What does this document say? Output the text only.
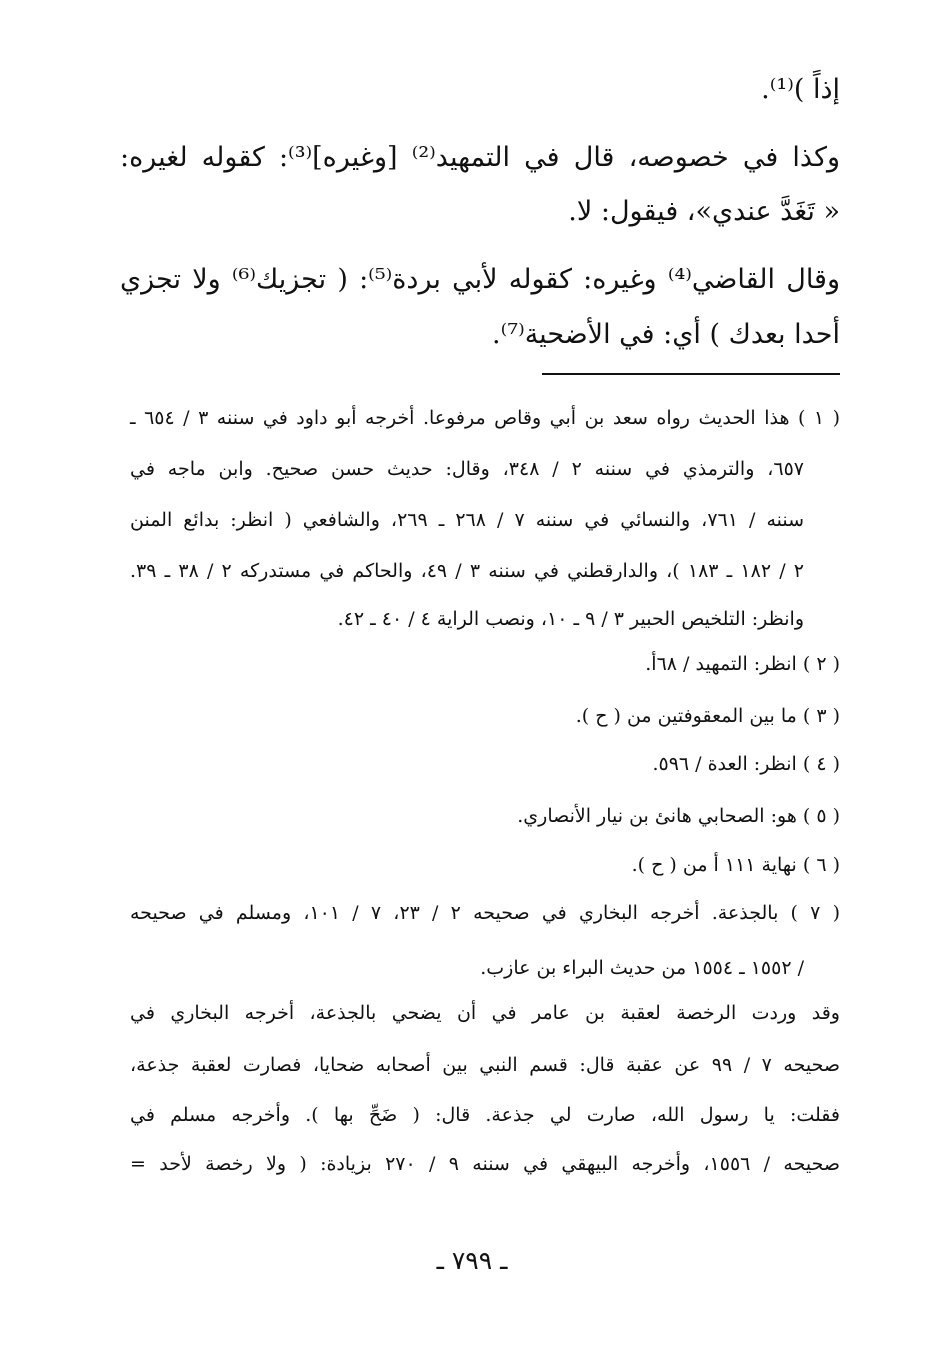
إذاً )⁽¹⁾.
وكذا في خصوصه، قال في التمهيد⁽²⁾ [وغيره]⁽³⁾: كقوله لغيره:
« تَغَدَّ عندي»، فيقول: لا.
وقال القاضي⁽⁴⁾ وغيره: كقوله لأبي بردة⁽⁵⁾: ( تجزيك⁽⁶⁾ ولا تجزي
أحدا بعدك ) أي: في الأضحية⁽⁷⁾.
( ١ ) هذا الحديث رواه سعد بن أبي وقاص مرفوعا. أخرجه أبو داود في سننه ٣ / ٦٥٤ ـ
٦٥٧، والترمذي في سننه ٢ / ٣٤٨، وقال: حديث حسن صحيح. وابن ماجه في
سننه / ٧٦١، والنسائي في سننه ٧ / ٢٦٨ ـ ٢٦٩، والشافعي ( انظر: بدائع المنن
٢ / ١٨٢ ـ ١٨٣ )، والدارقطني في سننه ٣ / ٤٩، والحاكم في مستدركه ٢ / ٣٨ ـ ٣٩.
وانظر: التلخيص الحبير ٣ / ٩ ـ ١٠، ونصب الراية ٤ / ٤٠ ـ ٤٢.
( ٢ ) انظر: التمهيد / ٦٨أ.
( ٣ ) ما بين المعقوفتين من ( ح ).
( ٤ ) انظر: العدة / ٥٩٦.
( ٥ ) هو: الصحابي هانئ بن نيار الأنصاري.
( ٦ ) نهاية ١١١ أ من ( ح ).
( ٧ ) بالجذعة. أخرجه البخاري في صحيحه ٢ / ٢٣، ٧ / ١٠١، ومسلم في صحيحه
/ ١٥٥٢ ـ ١٥٥٤ من حديث البراء بن عازب.
وقد وردت الرخصة لعقبة بن عامر في أن يضحي بالجذعة، أخرجه البخاري في
صحيحه ٧ / ٩٩ عن عقبة قال: قسم النبي بين أصحابه ضحايا، فصارت لعقبة جذعة،
فقلت: يا رسول الله، صارت لي جذعة. قال: ( ضَحِّ بها ). وأخرجه مسلم في
صحيحه / ١٥٥٦، وأخرجه البيهقي في سننه ٩ / ٢٧٠ بزيادة: ( ولا رخصة لأحد =
ـ ٧٩٩ ـ
